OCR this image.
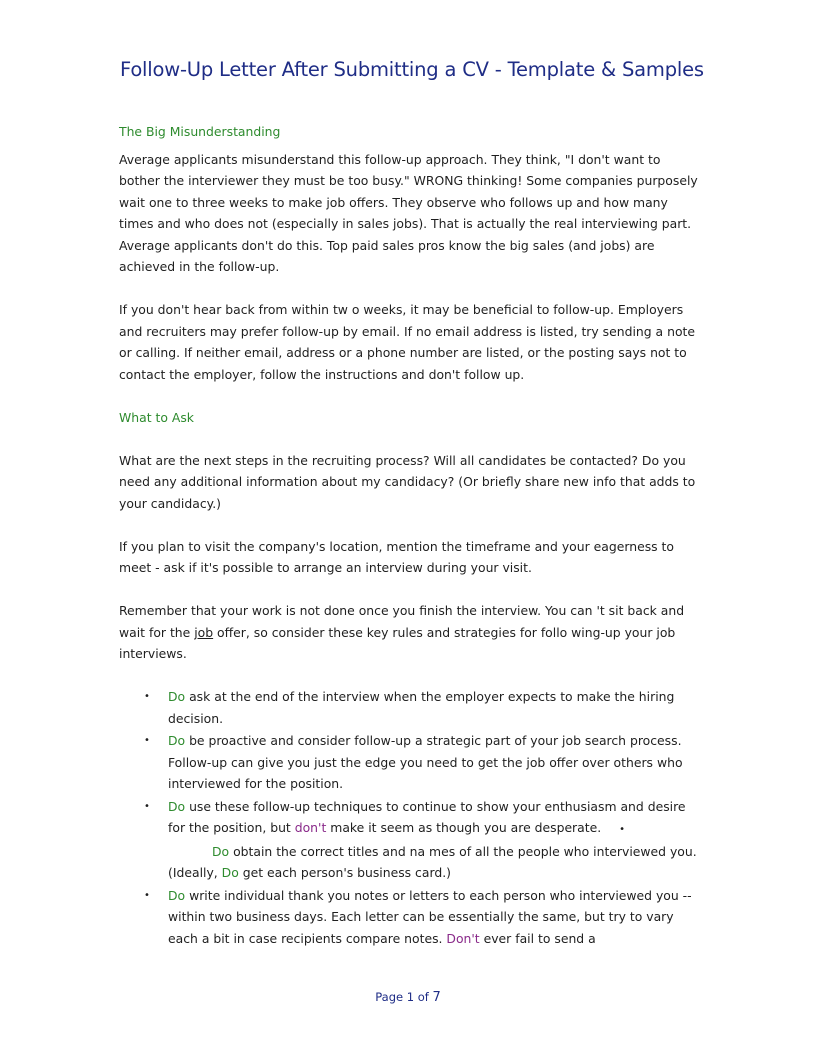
Follow-Up Letter After Submitting a CV - Template & Samples
The Big Misunderstanding

Average applicants misunderstand this follow-up approach. They think, "I don't want to bother the interviewer they must be too busy." WRONG thinking! Some companies purposely wait one to three weeks to make job offers. They observe who follows up and how many times and who does not (especially in sales jobs). That is actually the real interviewing part. Average applicants don't do this. Top paid sales pros know the big sales (and jobs) are achieved in the follow-up.

If you don't hear back from within tw o weeks, it may be beneficial to follow-up. Employers and recruiters may prefer follow-up by email. If no email address is listed, try sending a note or calling. If neither email, address or a phone number are listed, or the posting says not to contact the employer, follow the instructions and don't follow up.

What to Ask

What are the next steps in the recruiting process? Will all candidates be contacted? Do you need any additional information about my candidacy? (Or briefly share new info that adds to your candidacy.)

If you plan to visit the company's location, mention the timeframe and your eagerness to meet - ask if it's possible to arrange an interview during your visit.

Remember that your work is not done once you finish the interview. You can 't sit back and wait for the job offer, so consider these key rules and strategies for follo wing-up your job interviews.

• Do ask at the end of the interview when the employer expects to make the hiring decision.
• Do be proactive and consider follow-up a strategic part of your job search process. Follow-up can give you just the edge you need to get the job offer over others who interviewed for the position.
• Do use these follow-up techniques to continue to show your enthusiasm and desire for the position, but don't make it seem as though you are desperate. •
Do obtain the correct titles and na mes of all the people who interviewed you. (Ideally, Do get each person's business card.)
• Do write individual thank you notes or letters to each person who interviewed you -- within two business days. Each letter can be essentially the same, but try to vary each a bit in case recipients compare notes. Don't ever fail to send a
Page 1 of 7
